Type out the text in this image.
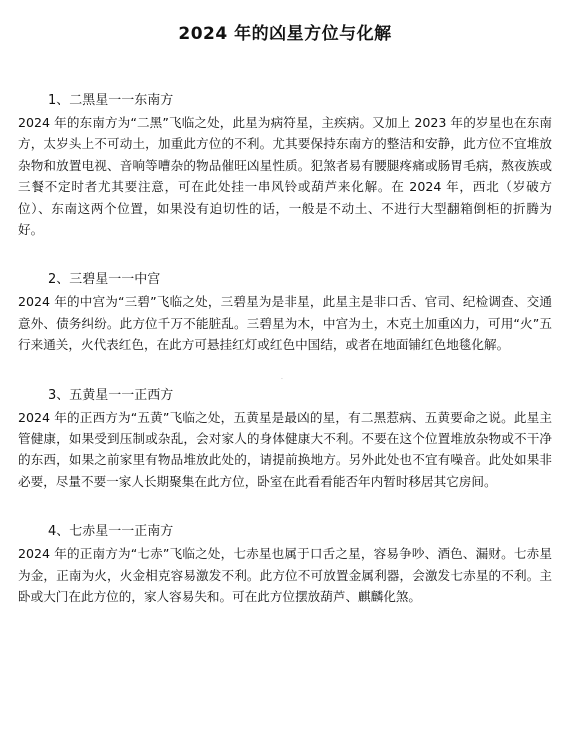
2024 年的凶星方位与化解

1、二黑星一一东南方

2024 年的东南方为“二黑”飞临之处，此星为病符星，主疾病。又加上 2023 年的岁星也在东南方，太岁头上不可动土，加重此方位的不利。尤其要保持东南方的整洁和安静，此方位不宜堆放杂物和放置电视、音响等嘈杂的物品催旺凶星性质。犯煞者易有腰腿疼痛或肠胃毛病，熬夜族或三餐不定时者尤其要注意，可在此处挂一串风铃或葫芦来化解。在 2024 年，西北（岁破方位）、东南这两个位置，如果没有迫切性的话，一般是不动土、不进行大型翻箱倒柜的折腾为好。

2、三碧星一一中宫

2024 年的中宫为“三碧”飞临之处，三碧星为是非星，此星主是非口舌、官司、纪检调查、交通意外、债务纠纷。此方位千万不能脏乱。三碧星为木，中宫为土，木克土加重凶力，可用“火”五行来通关，火代表红色，在此方可悬挂红灯或红色中国结，或者在地面铺红色地毯化解。

3、五黄星一一正西方

2024 年的正西方为“五黄”飞临之处，五黄星是最凶的星，有二黑惹病、五黄要命之说。此星主管健康，如果受到压制或杂乱，会对家人的身体健康大不利。不要在这个位置堆放杂物或不干净的东西，如果之前家里有物品堆放此处的，请提前换地方。另外此处也不宜有噪音。此处如果非必要，尽量不要一家人长期聚集在此方位，卧室在此看看能否年内暂时移居其它房间。

4、七赤星一一正南方

2024 年的正南方为“七赤”飞临之处，七赤星也属于口舌之星，容易争吵、酒色、漏财。七赤星为金，正南为火，火金相克容易激发不利。此方位不可放置金属利器，会激发七赤星的不利。主卧或大门在此方位的，家人容易失和。可在此方位摆放葫芦、麒麟化煞。

·
